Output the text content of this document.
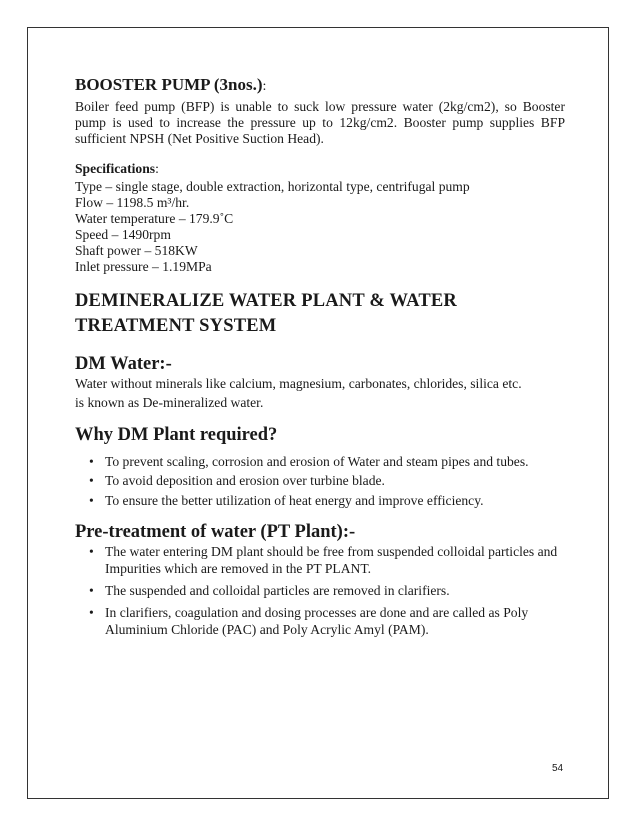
BOOSTER PUMP (3nos.):

Boiler feed pump (BFP) is unable to suck low pressure water (2kg/cm2), so Booster pump is used to increase the pressure up to 12kg/cm2. Booster pump supplies BFP sufficient NPSH (Net Positive Suction Head).

Specifications:
Type – single stage, double extraction, horizontal type, centrifugal pump
Flow – 1198.5 m³/hr.
Water temperature – 179.9˚C
Speed – 1490rpm
Shaft power – 518KW
Inlet pressure – 1.19MPa
DEMINERALIZE WATER PLANT & WATER
TREATMENT SYSTEM
DM Water:-
Water without minerals like calcium, magnesium, carbonates, chlorides, silica etc.
is known as De-mineralized water.
Why DM Plant required?
• To prevent scaling, corrosion and erosion of Water and steam pipes and tubes.
• To avoid deposition and erosion over turbine blade.
• To ensure the better utilization of heat energy and improve efficiency.
Pre-treatment of water (PT Plant):-
• The water entering DM plant should be free from suspended colloidal particles and Impurities which are removed in the PT PLANT.
• The suspended and colloidal particles are removed in clarifiers.
• In clarifiers, coagulation and dosing processes are done and are called as Poly Aluminium Chloride (PAC) and Poly Acrylic Amyl (PAM).
54
